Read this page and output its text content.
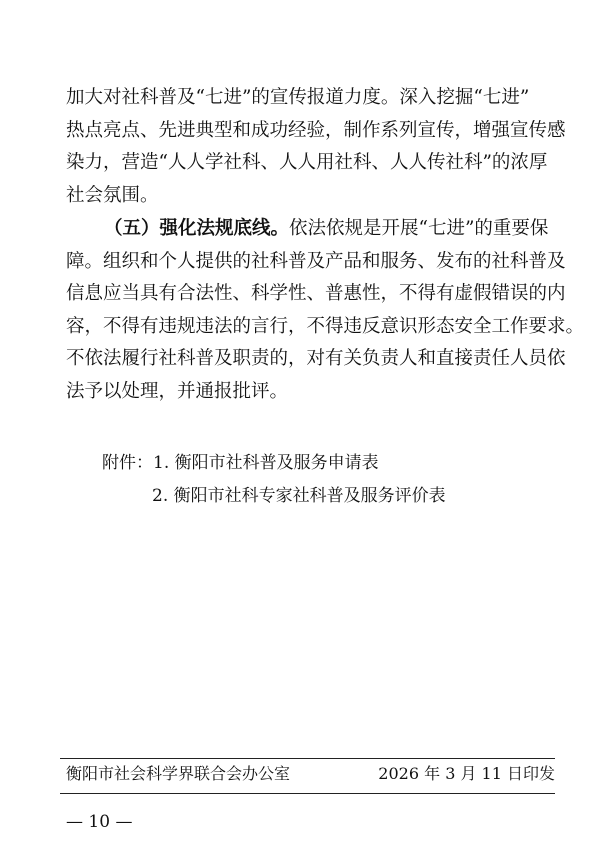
加大对社科普及“七进”的宣传报道力度。深入挖掘“七进”
热点亮点、先进典型和成功经验，制作系列宣传，增强宣传感
染力，营造“人人学社科、人人用社科、人人传社科”的浓厚
社会氛围。
（五）强化法规底线。依法依规是开展“七进”的重要保
障。组织和个人提供的社科普及产品和服务、发布的社科普及
信息应当具有合法性、科学性、普惠性，不得有虚假错误的内
容，不得有违规违法的言行，不得违反意识形态安全工作要求。
不依法履行社科普及职责的，对有关负责人和直接责任人员依
法予以处理，并通报批评。
附件：1. 衡阳市社科普及服务申请表
2. 衡阳市社科专家社科普及服务评价表
衡阳市社会科学界联合会办公室	2026 年 3 月 11 日印发
— 10 —
